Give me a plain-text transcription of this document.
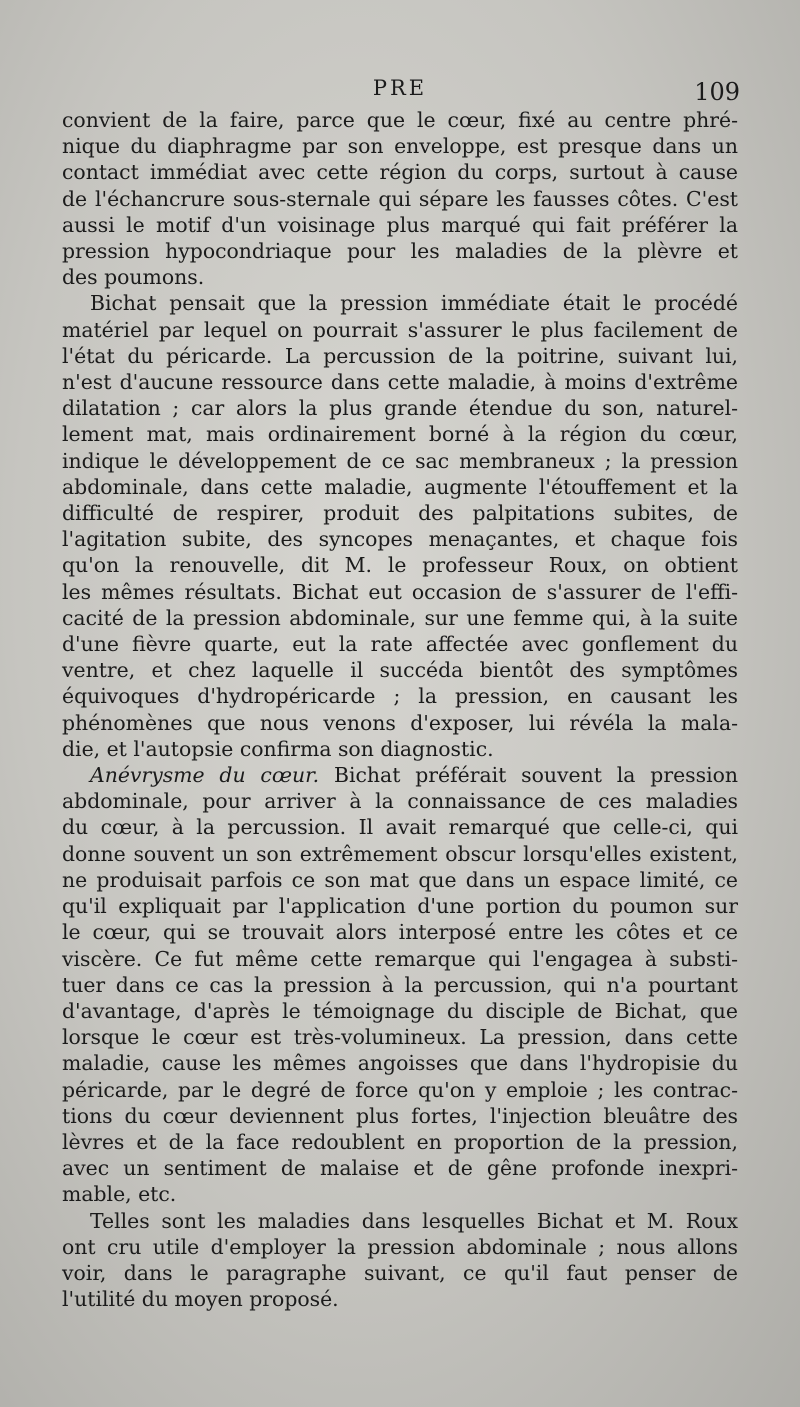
PRE	109

convient de la faire, parce que le cœur, fixé au centre phré-

nique du diaphragme par son enveloppe, est presque dans un

contact immédiat avec cette région du corps, surtout à cause

de l'échancrure sous-sternale qui sépare les fausses côtes. C'est

aussi le motif d'un voisinage plus marqué qui fait préférer la

pression hypocondriaque pour les maladies de la plèvre et

des poumons.

Bichat pensait que la pression immédiate était le procédé

matériel par lequel on pourrait s'assurer le plus facilement de

l'état du péricarde. La percussion de la poitrine, suivant lui,

n'est d'aucune ressource dans cette maladie, à moins d'extrême

dilatation ; car alors la plus grande étendue du son, naturel-

lement mat, mais ordinairement borné à la région du cœur,

indique le développement de ce sac membraneux ; la pression

abdominale, dans cette maladie, augmente l'étouffement et la

difficulté de respirer, produit des palpitations subites, de

l'agitation subite, des syncopes menaçantes, et chaque fois

qu'on la renouvelle, dit M. le professeur Roux, on obtient

les mêmes résultats. Bichat eut occasion de s'assurer de l'effi-

cacité de la pression abdominale, sur une femme qui, à la suite

d'une fièvre quarte, eut la rate affectée avec gonflement du

ventre, et chez laquelle il succéda bientôt des symptômes

équivoques d'hydropéricarde ; la pression, en causant les

phénomènes que nous venons d'exposer, lui révéla la mala-

die, et l'autopsie confirma son diagnostic.

Anévrysme du cœur. Bichat préférait souvent la pression

abdominale, pour arriver à la connaissance de ces maladies

du cœur, à la percussion. Il avait remarqué que celle-ci, qui

donne souvent un son extrêmement obscur lorsqu'elles existent,

ne produisait parfois ce son mat que dans un espace limité, ce

qu'il expliquait par l'application d'une portion du poumon sur

le cœur, qui se trouvait alors interposé entre les côtes et ce

viscère. Ce fut même cette remarque qui l'engagea à substi-

tuer dans ce cas la pression à la percussion, qui n'a pourtant

d'avantage, d'après le témoignage du disciple de Bichat, que

lorsque le cœur est très-volumineux. La pression, dans cette

maladie, cause les mêmes angoisses que dans l'hydropisie du

péricarde, par le degré de force qu'on y emploie ; les contrac-

tions du cœur deviennent plus fortes, l'injection bleuâtre des

lèvres et de la face redoublent en proportion de la pression,

avec un sentiment de malaise et de gêne profonde inexpri-

mable, etc.

Telles sont les maladies dans lesquelles Bichat et M. Roux

ont cru utile d'employer la pression abdominale ; nous allons

voir, dans le paragraphe suivant, ce qu'il faut penser de

l'utilité du moyen proposé.
